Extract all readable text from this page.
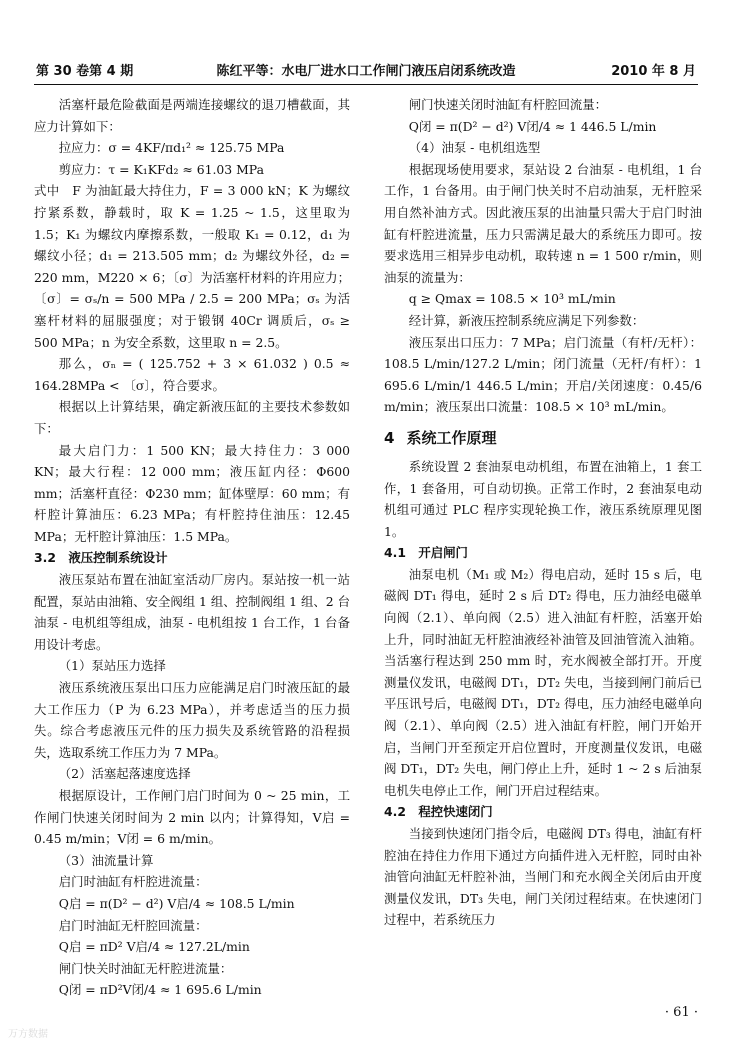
第 30 卷第 4 期	陈红平等：水电厂进水口工作闸门液压启闭系统改造	2010 年 8 月

活塞杆最危险截面是两端连接螺纹的退刀槽截面，其应力计算如下：

拉应力：σ = 4KF/πd₁² ≈ 125.75 MPa

剪应力：τ = K₁KFd₂ ≈ 61.03 MPa

式中　F 为油缸最大持住力，F = 3 000 kN；K 为螺纹拧紧系数，静载时，取 K = 1.25 ~ 1.5，这里取为 1.5；K₁ 为螺纹内摩擦系数，一般取 K₁ = 0.12，d₁ 为螺纹小径；d₁ = 213.505 mm；d₂ 为螺纹外径，d₂ = 220 mm，M220 × 6；〔σ〕为活塞杆材料的许用应力；〔σ〕= σₛ/n = 500 MPa / 2.5 = 200 MPa；σₛ 为活塞杆材料的屈服强度；对于锻钢 40Cr 调质后，σₛ ≥ 500 MPa；n 为安全系数，这里取 n = 2.5。

那么，σₙ = ( 125.752 + 3 × 61.032 ) 0.5 ≈ 164.28MPa < 〔σ〕，符合要求。

根据以上计算结果，确定新液压缸的主要技术参数如下：

最大启门力：1 500 KN；最大持住力：3 000 KN；最大行程：12 000 mm；液压缸内径：Φ600 mm；活塞杆直径：Φ230 mm；缸体壁厚：60 mm；有杆腔计算油压：6.23 MPa；有杆腔持住油压：12.45 MPa；无杆腔计算油压：1.5 MPa。

3.2　液压控制系统设计

液压泵站布置在油缸室活动厂房内。泵站按一机一站配置，泵站由油箱、安全阀组 1 组、控制阀组 1 组、2 台油泵 - 电机组等组成，油泵 - 电机组按 1 台工作，1 台备用设计考虑。

（1）泵站压力选择

液压系统液压泵出口压力应能满足启门时液压缸的最大工作压力（P 为 6.23 MPa），并考虑适当的压力损失。综合考虑液压元件的压力损失及系统管路的沿程损失，选取系统工作压力为 7 MPa。

（2）活塞起落速度选择

根据原设计，工作闸门启门时间为 0 ~ 25 min，工作闸门快速关闭时间为 2 min 以内；计算得知，V启 = 0.45 m/min；V闭 = 6 m/min。

（3）油流量计算

启门时油缸有杆腔进流量：

Q启 = π(D² − d²) V启/4 ≈ 108.5 L/min

启门时油缸无杆腔回流量：

Q启 = πD² V启/4 ≈ 127.2L/min

闸门快关时油缸无杆腔进流量：

Q闭 = πD²V闭/4 ≈ 1 695.6 L/min

闸门快速关闭时油缸有杆腔回流量：

Q闭 = π(D² − d²) V闭/4 ≈ 1 446.5 L/min

（4）油泵 - 电机组选型

根据现场使用要求，泵站设 2 台油泵 - 电机组，1 台工作，1 台备用。由于闸门快关时不启动油泵，无杆腔采用自然补油方式。因此液压泵的出油量只需大于启门时油缸有杆腔进流量，压力只需满足最大的系统压力即可。按要求选用三相异步电动机，取转速 n = 1 500 r/min，则油泵的流量为：

q ≥ Qmax = 108.5 × 10³ mL/min

经计算，新液压控制系统应满足下列参数：

液压泵出口压力：7 MPa；启门流量（有杆/无杆）：108.5 L/min/127.2 L/min；闭门流量（无杆/有杆）：1 695.6 L/min/1 446.5 L/min；开启/关闭速度：0.45/6 m/min；液压泵出口流量：108.5 × 10³ mL/min。

4 系统工作原理

系统设置 2 套油泵电动机组，布置在油箱上，1 套工作，1 套备用，可自动切换。正常工作时，2 套油泵电动机组可通过 PLC 程序实现轮换工作，液压系统原理见图 1。

4.1　开启闸门

油泵电机（M₁ 或 M₂）得电启动，延时 15 s 后，电磁阀 DT₁ 得电，延时 2 s 后 DT₂ 得电，压力油经电磁单向阀（2.1）、单向阀（2.5）进入油缸有杆腔，活塞开始上升，同时油缸无杆腔油液经补油管及回油管流入油箱。当活塞行程达到 250 mm 时，充水阀被全部打开。开度测量仪发讯，电磁阀 DT₁，DT₂ 失电，当接到闸门前后已平压讯号后，电磁阀 DT₁，DT₂ 得电，压力油经电磁单向阀（2.1）、单向阀（2.5）进入油缸有杆腔，闸门开始开启，当闸门开至预定开启位置时，开度测量仪发讯，电磁阀 DT₁，DT₂ 失电，闸门停止上升，延时 1 ~ 2 s 后油泵电机失电停止工作，闸门开启过程结束。

4.2　程控快速闭门

当接到快速闭门指令后，电磁阀 DT₃ 得电，油缸有杆腔油在持住力作用下通过方向插件进入无杆腔，同时由补油管向油缸无杆腔补油，当闸门和充水阀全关闭后由开度测量仪发讯，DT₃ 失电，闸门关闭过程结束。在快速闭门过程中，若系统压力

· 61 ·
万方数据
